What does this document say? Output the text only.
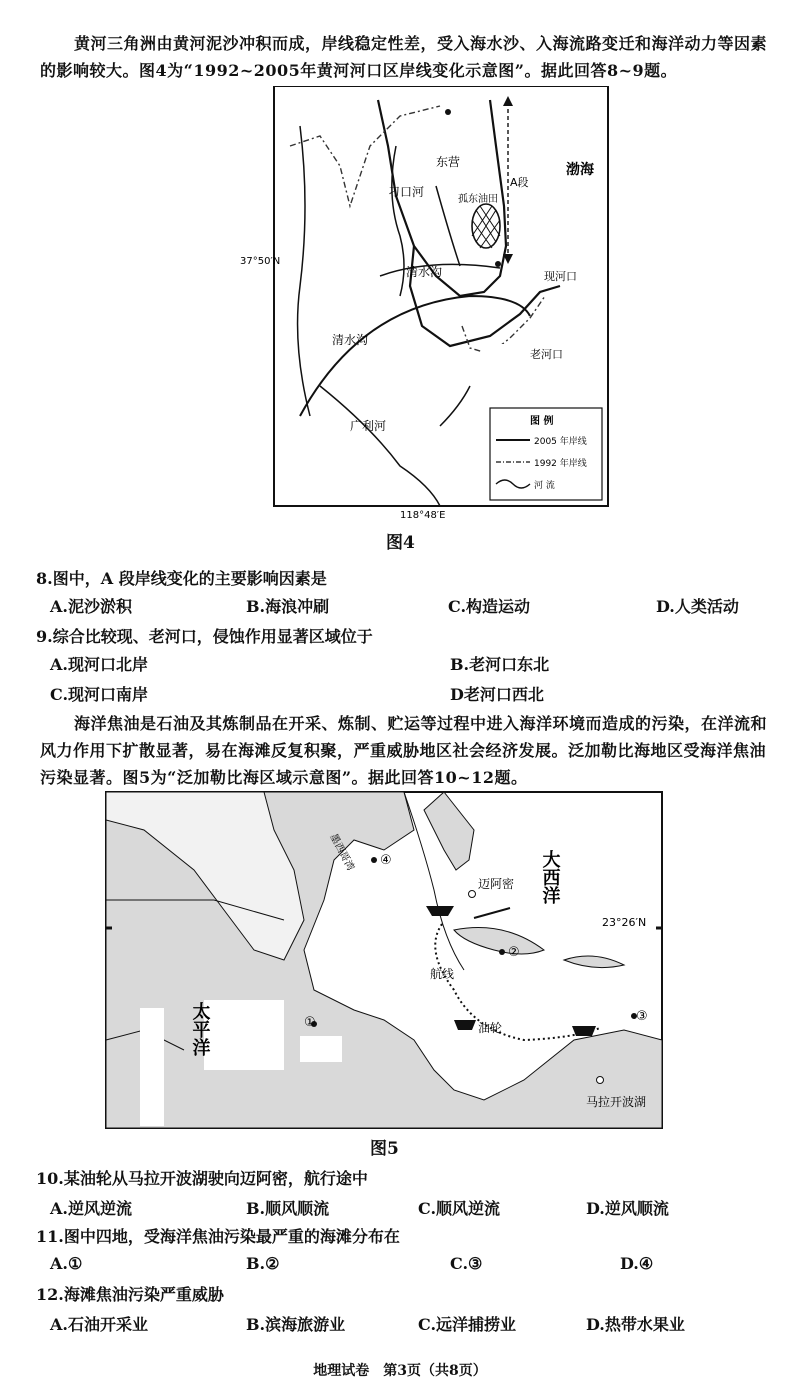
黄河三角洲由黄河泥沙冲积而成，岸线稳定性差，受入海水沙、入海流路变迁和海洋动力等因素的影响较大。图4为“1992~2005年黄河河口区岸线变化示意图”。据此回答8~9题。
渤海
A段
孤东油田
现河口
老河口
清水沟
清水沟
广利河
刁口河
东营
37°50′N
118°48′E
图 例
2005 年岸线
1992 年岸线
河 流
图4
8.图中，A 段岸线变化的主要影响因素是
A.泥沙淤积	B.海浪冲刷	C.构造运动	D.人类活动
9.综合比较现、老河口，侵蚀作用显著区域位于
A.现河口北岸	B.老河口东北
C.现河口南岸	D老河口西北
海洋焦油是石油及其炼制品在开采、炼制、贮运等过程中进入海洋环境而造成的污染，在洋流和风力作用下扩散显著，易在海滩反复积聚，严重威胁地区社会经济发展。泛加勒比海地区受海洋焦油污染显著。图5为“泛加勒比海区域示意图”。据此回答10~12题。
大西洋
太平洋
墨西哥湾
迈阿密
航线
油轮
马拉开波湖
23°26′N
①
②
③
④
图5
10.某油轮从马拉开波湖驶向迈阿密，航行途中
A.逆风逆流	B.顺风顺流	C.顺风逆流	D.逆风顺流
11.图中四地，受海洋焦油污染最严重的海滩分布在
A.①	B.②	C.③	D.④
12.海滩焦油污染严重威胁
A.石油开采业	B.滨海旅游业	C.远洋捕捞业	D.热带水果业
地理试卷　第3页（共8页）
